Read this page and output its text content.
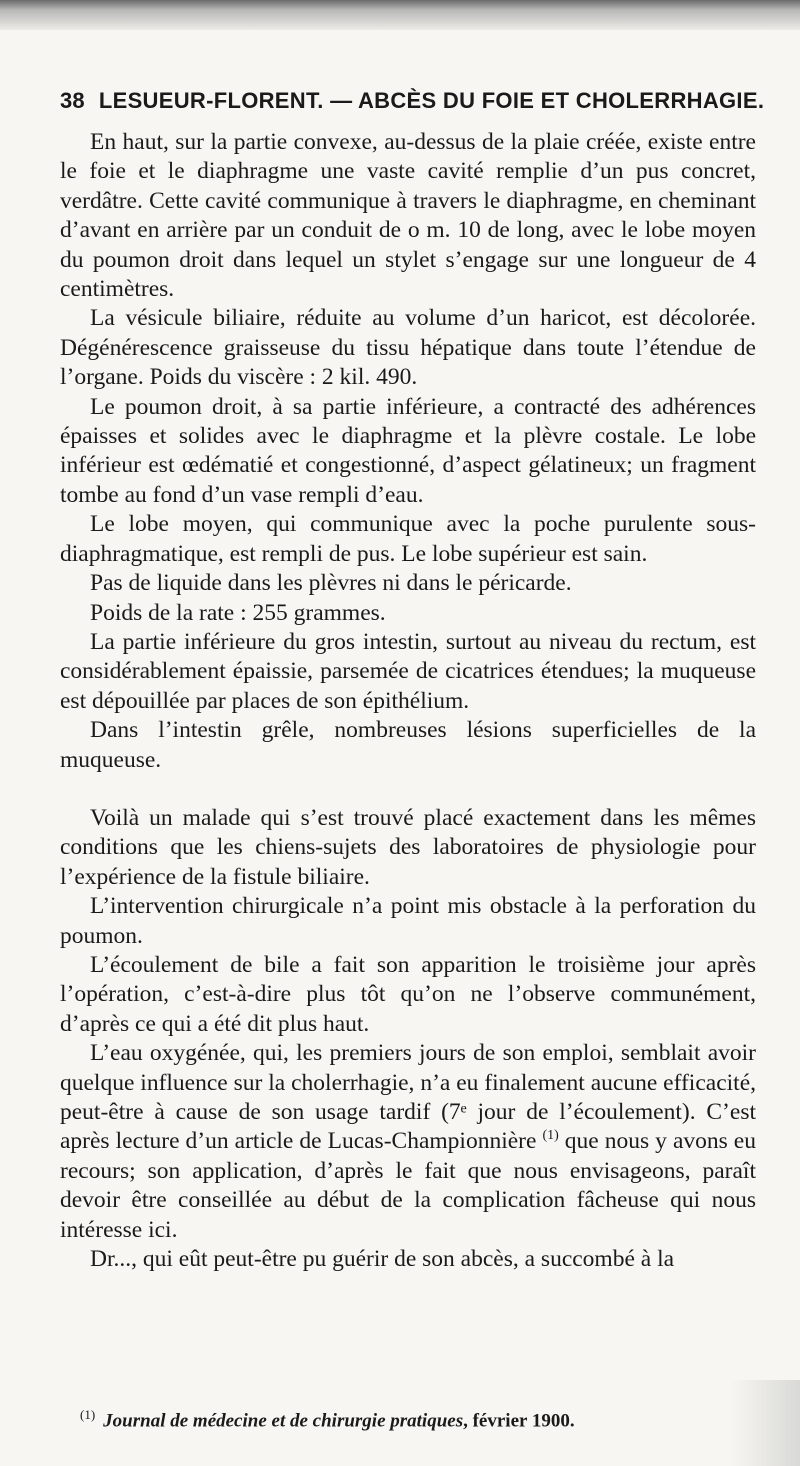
38 LESUEUR-FLORENT. — ABCÈS DU FOIE ET CHOLERRHAGIE.

En haut, sur la partie convexe, au-dessus de la plaie créée, existe entre le foie et le diaphragme une vaste cavité remplie d’un pus concret, verdâtre. Cette cavité communique à travers le diaphragme, en cheminant d’avant en arrière par un conduit de o m. 10 de long, avec le lobe moyen du poumon droit dans lequel un stylet s’engage sur une longueur de 4 centimètres.

La vésicule biliaire, réduite au volume d’un haricot, est décolorée. Dégénérescence graisseuse du tissu hépatique dans toute l’étendue de l’organe. Poids du viscère : 2 kil. 490.

Le poumon droit, à sa partie inférieure, a contracté des adhérences épaisses et solides avec le diaphragme et la plèvre costale. Le lobe inférieur est œdématié et congestionné, d’aspect gélatineux; un fragment tombe au fond d’un vase rempli d’eau.

Le lobe moyen, qui communique avec la poche purulente sous-diaphragmatique, est rempli de pus. Le lobe supérieur est sain.

Pas de liquide dans les plèvres ni dans le péricarde.

Poids de la rate : 255 grammes.

La partie inférieure du gros intestin, surtout au niveau du rectum, est considérablement épaissie, parsemée de cicatrices étendues; la muqueuse est dépouillée par places de son épithélium.

Dans l’intestin grêle, nombreuses lésions superficielles de la muqueuse.

Voilà un malade qui s’est trouvé placé exactement dans les mêmes conditions que les chiens-sujets des laboratoires de physiologie pour l’expérience de la fistule biliaire.

L’intervention chirurgicale n’a point mis obstacle à la perforation du poumon.

L’écoulement de bile a fait son apparition le troisième jour après l’opération, c’est-à-dire plus tôt qu’on ne l’observe communément, d’après ce qui a été dit plus haut.

L’eau oxygénée, qui, les premiers jours de son emploi, semblait avoir quelque influence sur la cholerrhagie, n’a eu finalement aucune efficacité, peut-être à cause de son usage tardif (7ᵉ jour de l’écoulement). C’est après lecture d’un article de Lucas-Championnière $^{(1)}$ que nous y avons eu recours; son application, d’après le fait que nous envisageons, paraît devoir être conseillée au début de la complication fâcheuse qui nous intéresse ici.

Dr..., qui eût peut-être pu guérir de son abcès, a succombé à la

$^{(1)}$ Journal de médecine et de chirurgie pratiques, février 1900.
